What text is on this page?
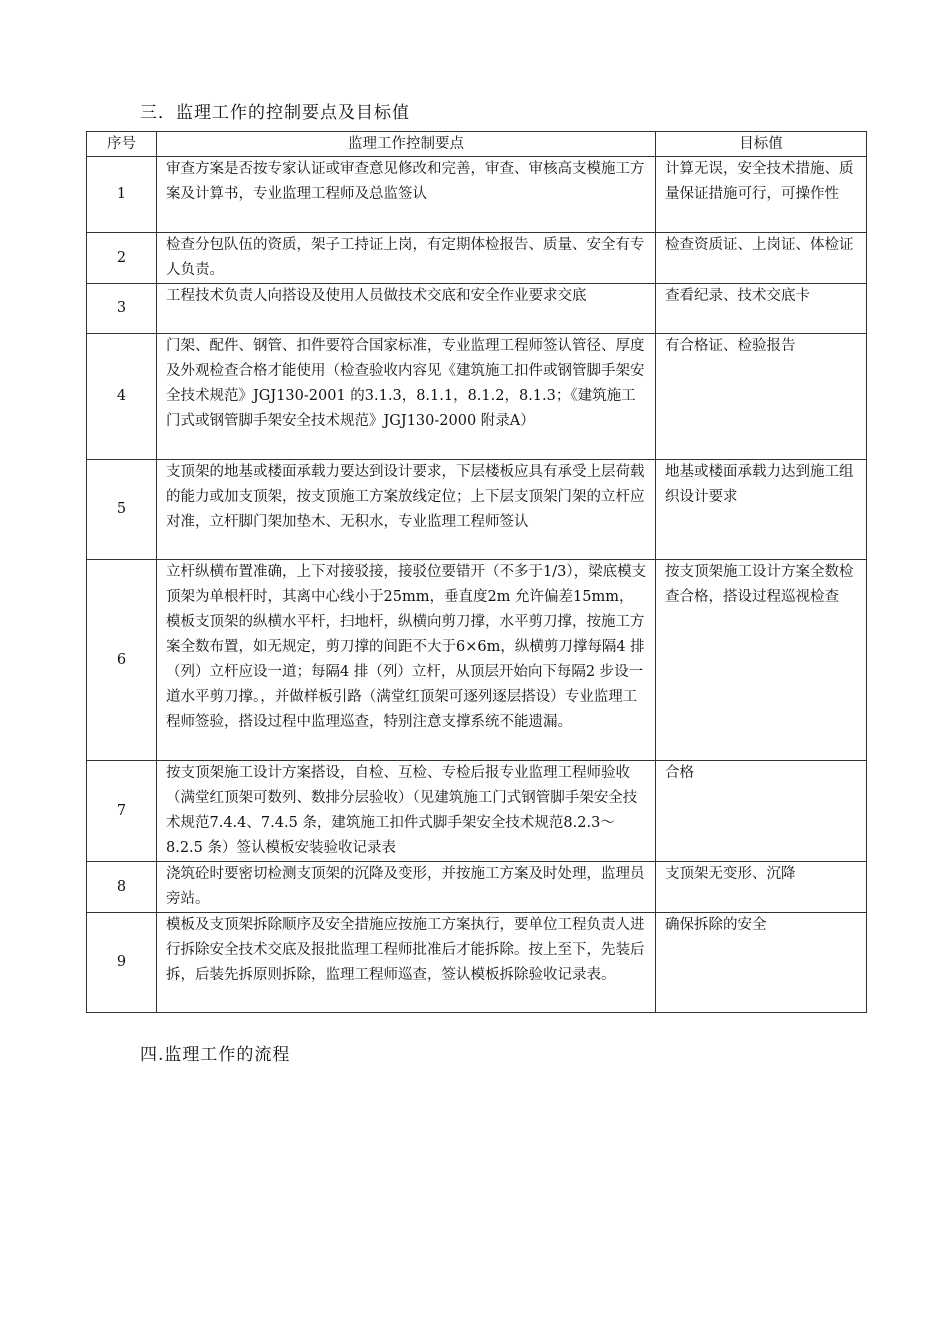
三．监理工作的控制要点及目标值
序号	监理工作控制要点	目标值
1	审查方案是否按专家认证或审查意见修改和完善，审查、审核高支模施工方案及计算书，专业监理工程师及总监签认	计算无误，安全技术措施、质量保证措施可行，可操作性
2	检查分包队伍的资质，架子工持证上岗，有定期体检报告、质量、安全有专人负责。	检查资质证、上岗证、体检证
3	工程技术负责人向搭设及使用人员做技术交底和安全作业要求交底	查看纪录、技术交底卡
4	门架、配件、钢管、扣件要符合国家标准，专业监理工程师签认管径、厚度及外观检查合格才能使用（检查验收内容见《建筑施工扣件或钢管脚手架安全技术规范》JGJ130-2001 的3.1.3，8.1.1，8.1.2，8.1.3；《建筑施工门式或钢管脚手架安全技术规范》JGJ130-2000 附录A）	有合格证、检验报告
5	支顶架的地基或楼面承载力要达到设计要求，下层楼板应具有承受上层荷载的能力或加支顶架，按支顶施工方案放线定位；上下层支顶架门架的立杆应对准，立杆脚门架加垫木、无积水，专业监理工程师签认	地基或楼面承载力达到施工组织设计要求
6	立杆纵横布置准确，上下对接驳接，接驳位要错开（不多于1/3），梁底模支顶架为单根杆时，其离中心线小于25mm，垂直度2m 允许偏差15mm，模板支顶架的纵横水平杆，扫地杆，纵横向剪刀撑，水平剪刀撑，按施工方案全数布置，如无规定，剪刀撑的间距不大于6×6m，纵横剪刀撑每隔4 排（列）立杆应设一道；每隔4 排（列）立杆，从顶层开始向下每隔2 步设一道水平剪刀撑。，并做样板引路（满堂红顶架可逐列逐层搭设）专业监理工程师签验，搭设过程中监理巡查，特别注意支撑系统不能遗漏。	按支顶架施工设计方案全数检查合格，搭设过程巡视检查
7	按支顶架施工设计方案搭设，自检、互检、专检后报专业监理工程师验收（满堂红顶架可数列、数排分层验收）（见建筑施工门式钢管脚手架安全技术规范7.4.4、7.4.5 条，建筑施工扣件式脚手架安全技术规范8.2.3～8.2.5 条）签认模板安装验收记录表	合格
8	浇筑砼时要密切检测支顶架的沉降及变形，并按施工方案及时处理，监理员旁站。	支顶架无变形、沉降
9	模板及支顶架拆除顺序及安全措施应按施工方案执行，要单位工程负责人进行拆除安全技术交底及报批监理工程师批准后才能拆除。按上至下，先装后拆，后装先拆原则拆除，监理工程师巡查，签认模板拆除验收记录表。	确保拆除的安全
四.监理工作的流程
